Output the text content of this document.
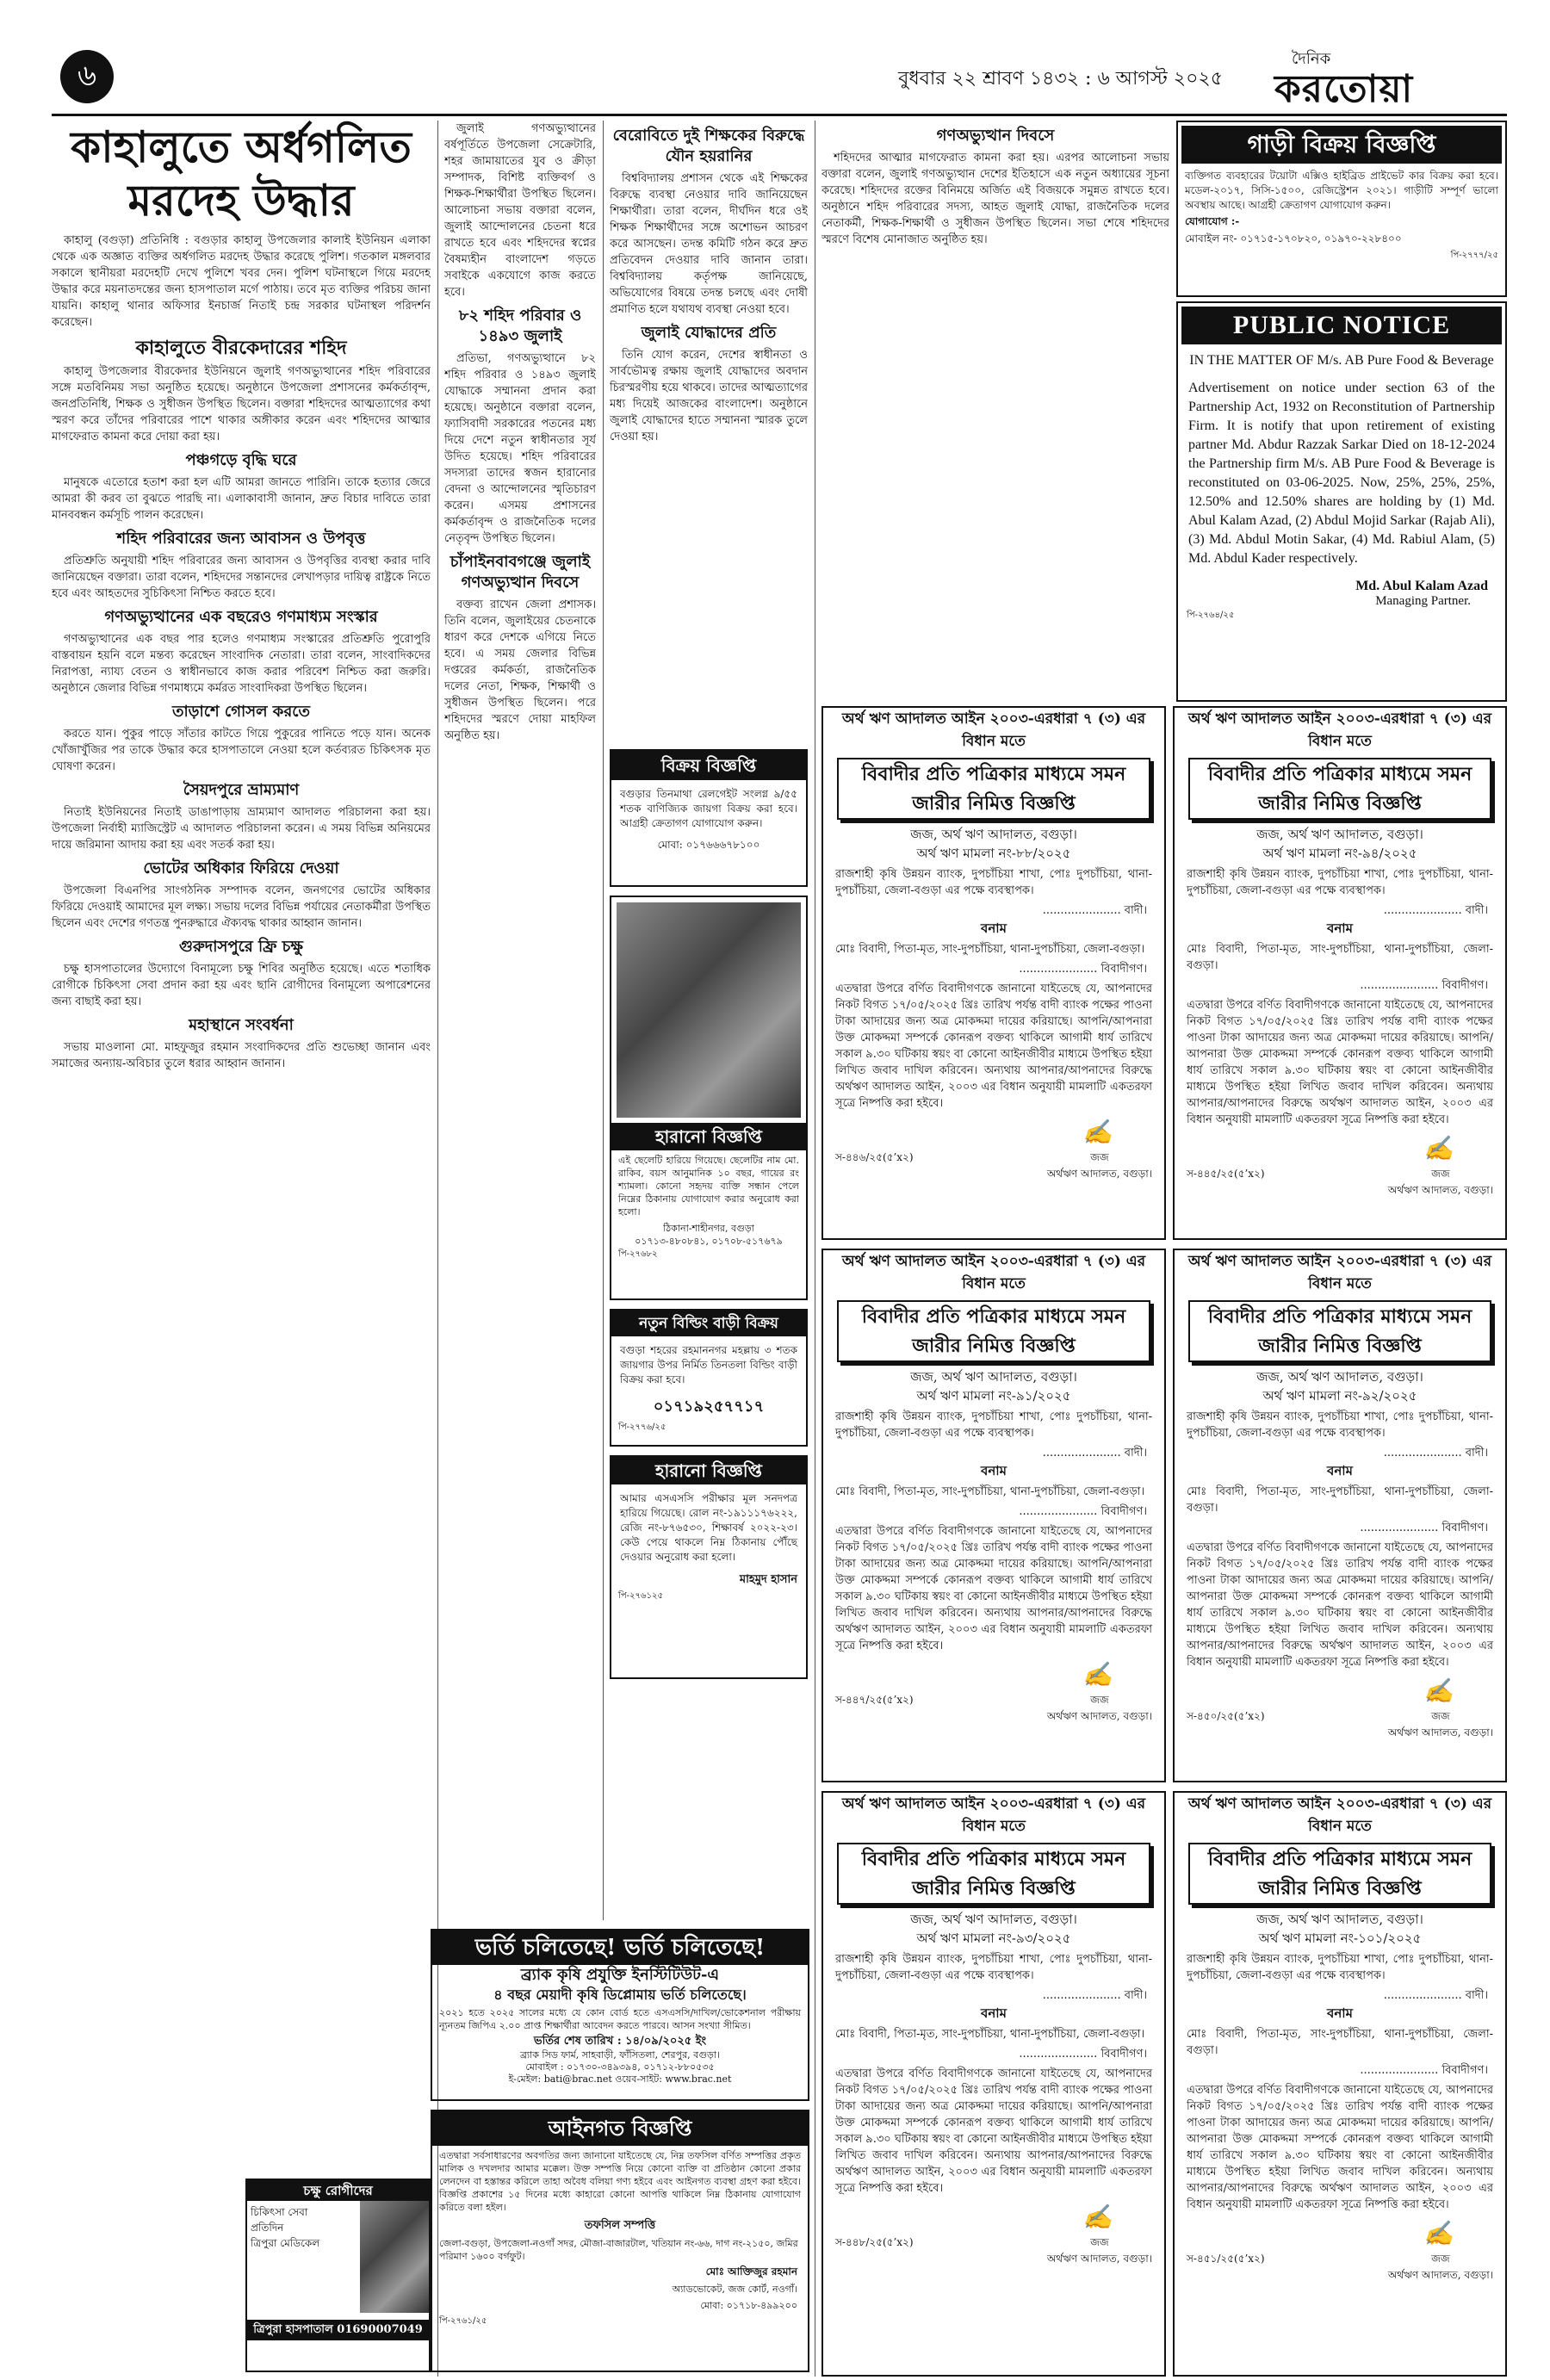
৬	বুধবার ২২ শ্রাবণ ১৪৩২ : ৬ আগস্ট ২০২৫
দৈনিক
করতোয়া
কাহালুতে অর্ধগলিত মরদেহ উদ্ধার

কাহালু (বগুড়া) প্রতিনিধি : বগুড়ার কাহালু উপজেলার কালাই ইউনিয়ন এলাকা থেকে এক অজ্ঞাত ব্যক্তির অর্ধগলিত মরদেহ উদ্ধার করেছে পুলিশ। গতকাল মঙ্গলবার সকালে স্থানীয়রা মরদেহটি দেখে পুলিশে খবর দেন। পুলিশ ঘটনাস্থলে গিয়ে মরদেহ উদ্ধার করে ময়নাতদন্তের জন্য হাসপাতাল মর্গে পাঠায়। তবে মৃত ব্যক্তির পরিচয় জানা যায়নি। কাহালু থানার অফিসার ইনচার্জ নিতাই চন্দ্র সরকার ঘটনাস্থল পরিদর্শন করেছেন।

কাহালুতে বীরকেদারের শহিদ

কাহালু উপজেলার বীরকেদার ইউনিয়নে জুলাই গণঅভ্যুত্থানের শহিদ পরিবারের সঙ্গে মতবিনিময় সভা অনুষ্ঠিত হয়েছে। অনুষ্ঠানে উপজেলা প্রশাসনের কর্মকর্তাবৃন্দ, জনপ্রতিনিধি, শিক্ষক ও সুধীজন উপস্থিত ছিলেন। বক্তারা শহিদদের আত্মত্যাগের কথা স্মরণ করে তাঁদের পরিবারের পাশে থাকার অঙ্গীকার করেন এবং শহিদদের আত্মার মাগফেরাত কামনা করে দোয়া করা হয়।

পঞ্চগড়ে বৃদ্ধি ঘরে

মানুষকে এতোরে হতাশ করা হল এটি আমরা জানতে পারিনি। তাকে হত্যার জেরে আমরা কী করব তা বুঝতে পারছি না। এলাকাবাসী জানান, দ্রুত বিচার দাবিতে তারা মানববন্ধন কর্মসূচি পালন করেছেন।

শহিদ পরিবারের জন্য আবাসন ও উপবৃত্ত

প্রতিশ্রুতি অনুযায়ী শহিদ পরিবারের জন্য আবাসন ও উপবৃত্তির ব্যবস্থা করার দাবি জানিয়েছেন বক্তারা। তারা বলেন, শহিদদের সন্তানদের লেখাপড়ার দায়িত্ব রাষ্ট্রকে নিতে হবে এবং আহতদের সুচিকিৎসা নিশ্চিত করতে হবে।

গণঅভ্যুত্থানের এক বছরেও গণমাধ্যম সংস্কার

গণঅভ্যুত্থানের এক বছর পার হলেও গণমাধ্যম সংস্কারের প্রতিশ্রুতি পুরোপুরি বাস্তবায়ন হয়নি বলে মন্তব্য করেছেন সাংবাদিক নেতারা। তারা বলেন, সাংবাদিকদের নিরাপত্তা, ন্যায্য বেতন ও স্বাধীনভাবে কাজ করার পরিবেশ নিশ্চিত করা জরুরি। অনুষ্ঠানে জেলার বিভিন্ন গণমাধ্যমে কর্মরত সাংবাদিকরা উপস্থিত ছিলেন।

তাড়াশে গোসল করতে

করতে যান। পুকুর পাড়ে সাঁতার কাটতে গিয়ে পুকুরের পানিতে পড়ে যান। অনেক খোঁজাখুঁজির পর তাকে উদ্ধার করে হাসপাতালে নেওয়া হলে কর্তব্যরত চিকিৎসক মৃত ঘোষণা করেন।

সৈয়দপুরে ভ্রাম্যমাণ

নিতাই ইউনিয়নের নিতাই ডাঙাপাড়ায় ভ্রাম্যমাণ আদালত পরিচালনা করা হয়। উপজেলা নির্বাহী ম্যাজিস্ট্রেট এ আদালত পরিচালনা করেন। এ সময় বিভিন্ন অনিয়মের দায়ে জরিমানা আদায় করা হয় এবং সতর্ক করা হয়।

ভোটের অধিকার ফিরিয়ে দেওয়া

উপজেলা বিএনপির সাংগঠনিক সম্পাদক বলেন, জনগণের ভোটের অধিকার ফিরিয়ে দেওয়াই আমাদের মূল লক্ষ্য। সভায় দলের বিভিন্ন পর্যায়ের নেতাকর্মীরা উপস্থিত ছিলেন এবং দেশের গণতন্ত্র পুনরুদ্ধারে ঐক্যবদ্ধ থাকার আহ্বান জানান।

গুরুদাসপুরে ফ্রি চক্ষু

চক্ষু হাসপাতালের উদ্যোগে বিনামূল্যে চক্ষু শিবির অনুষ্ঠিত হয়েছে। এতে শতাধিক রোগীকে চিকিৎসা সেবা প্রদান করা হয় এবং ছানি রোগীদের বিনামূল্যে অপারেশনের জন্য বাছাই করা হয়।

মহাস্থানে সংবর্ধনা

সভায় মাওলানা মো. মাহফুজুর রহমান সংবাদিকদের প্রতি শুভেচ্ছা জানান এবং সমাজের অন্যায়-অবিচার তুলে ধরার আহ্বান জানান।

চক্ষু রোগীদের
চিকিৎসা সেবা
প্রতিদিন
ত্রিপুরা মেডিকেল
ত্রিপুরা হাসপাতাল 01690007049

জুলাই গণঅভ্যুত্থানের বর্ষপূর্তিতে উপজেলা সেক্রেটারি, শহর জামায়াতের যুব ও ক্রীড়া সম্পাদক, বিশিষ্ট ব্যক্তিবর্গ ও শিক্ষক-শিক্ষার্থীরা উপস্থিত ছিলেন। আলোচনা সভায় বক্তারা বলেন, জুলাই আন্দোলনের চেতনা ধরে রাখতে হবে এবং শহিদদের স্বপ্নের বৈষম্যহীন বাংলাদেশ গড়তে সবাইকে একযোগে কাজ করতে হবে।

৮২ শহিদ পরিবার ও ১৪৯৩ জুলাই

প্রতিভা, গণঅভ্যুত্থানে ৮২ শহিদ পরিবার ও ১৪৯৩ জুলাই যোদ্ধাকে সম্মাননা প্রদান করা হয়েছে। অনুষ্ঠানে বক্তারা বলেন, ফ্যাসিবাদী সরকারের পতনের মধ্য দিয়ে দেশে নতুন স্বাধীনতার সূর্য উদিত হয়েছে। শহিদ পরিবারের সদস্যরা তাদের স্বজন হারানোর বেদনা ও আন্দোলনের স্মৃতিচারণ করেন। এসময় প্রশাসনের কর্মকর্তাবৃন্দ ও রাজনৈতিক দলের নেতৃবৃন্দ উপস্থিত ছিলেন।

চাঁপাইনবাবগঞ্জে জুলাই গণঅভ্যুত্থান দিবসে

বক্তব্য রাখেন জেলা প্রশাসক। তিনি বলেন, জুলাইয়ের চেতনাকে ধারণ করে দেশকে এগিয়ে নিতে হবে। এ সময় জেলার বিভিন্ন দপ্তরের কর্মকর্তা, রাজনৈতিক দলের নেতা, শিক্ষক, শিক্ষার্থী ও সুধীজন উপস্থিত ছিলেন। পরে শহিদদের স্মরণে দোয়া মাহফিল অনুষ্ঠিত হয়।

বেরোবিতে দুই শিক্ষকের বিরুদ্ধে যৌন হয়রানির

বিশ্ববিদ্যালয় প্রশাসন থেকে এই শিক্ষকের বিরুদ্ধে ব্যবস্থা নেওয়ার দাবি জানিয়েছেন শিক্ষার্থীরা। তারা বলেন, দীর্ঘদিন ধরে ওই শিক্ষক শিক্ষার্থীদের সঙ্গে অশোভন আচরণ করে আসছেন। তদন্ত কমিটি গঠন করে দ্রুত প্রতিবেদন দেওয়ার দাবি জানান তারা। বিশ্ববিদ্যালয় কর্তৃপক্ষ জানিয়েছে, অভিযোগের বিষয়ে তদন্ত চলছে এবং দোষী প্রমাণিত হলে যথাযথ ব্যবস্থা নেওয়া হবে।

জুলাই যোদ্ধাদের প্রতি

তিনি যোগ করেন, দেশের স্বাধীনতা ও সার্বভৌমত্ব রক্ষায় জুলাই যোদ্ধাদের অবদান চিরস্মরণীয় হয়ে থাকবে। তাদের আত্মত্যাগের মধ্য দিয়েই আজকের বাংলাদেশ। অনুষ্ঠানে জুলাই যোদ্ধাদের হাতে সম্মাননা স্মারক তুলে দেওয়া হয়।

বিক্রয় বিজ্ঞপ্তি
বগুড়ার তিনমাথা রেলগেইট সংলগ্ন ৯/৫৫ শতক বাণিজ্যিক জায়গা বিক্রয় করা হবে। আগ্রহী ক্রেতাগণ যোগাযোগ করুন।
মোবা: ০১৭৬৬৬৭৮১০০
হারানো বিজ্ঞপ্তি
এই ছেলেটি হারিয়ে গিয়েছে। ছেলেটির নাম মো. রাকিব, বয়স আনুমানিক ১০ বছর, গায়ের রং শ্যামলা। কোনো সহৃদয় ব্যক্তি সন্ধান পেলে নিম্নের ঠিকানায় যোগাযোগ করার অনুরোধ করা হলো।
ঠিকানা-শাহীনগর, বগুড়া
০১৭১৩-৪৮০৮৪১, ০১৭০৮-৫১৭৬৭৯
পি-২৭৬৮২
নতুন বিল্ডিং বাড়ী বিক্রয়
বগুড়া শহরের রহমাননগর মহল্লায় ৩ শতক জায়গার উপর নির্মিত তিনতলা বিল্ডিং বাড়ী বিক্রয় করা হবে।
০১৭১৯২৫৭৭১৭
পি-২৭৭৬/২৫
হারানো বিজ্ঞপ্তি
আমার এসএসসি পরীক্ষার মূল সনদপত্র হারিয়ে গিয়েছে। রোল নং-১৯১১১৭৬২২২, রেজি নং-৮৭৬৫৩০, শিক্ষাবর্ষ ২০২২-২৩। কেউ পেয়ে থাকলে নিম্ন ঠিকানায় পৌঁছে দেওয়ার অনুরোধ করা হলো।
মাহমুদ হাসান
পি-২৭৬১২৫
গণঅভ্যুত্থান দিবসে

শহিদদের আত্মার মাগফেরাত কামনা করা হয়। এরপর আলোচনা সভায় বক্তারা বলেন, জুলাই গণঅভ্যুত্থান দেশের ইতিহাসে এক নতুন অধ্যায়ের সূচনা করেছে। শহিদদের রক্তের বিনিময়ে অর্জিত এই বিজয়কে সমুন্নত রাখতে হবে। অনুষ্ঠানে শহিদ পরিবারের সদস্য, আহত জুলাই যোদ্ধা, রাজনৈতিক দলের নেতাকর্মী, শিক্ষক-শিক্ষার্থী ও সুধীজন উপস্থিত ছিলেন। সভা শেষে শহিদদের স্মরণে বিশেষ মোনাজাত অনুষ্ঠিত হয়।

ভর্তি চলিতেছে! ভর্তি চলিতেছে!
ব্র্যাক কৃষি প্রযুক্তি ইনস্টিটিউট-এ
৪ বছর মেয়াদী কৃষি ডিপ্লোমায় ভর্তি চলিতেছে।
২০২১ হতে ২০২৫ সালের মধ্যে যে কোন বোর্ড হতে এসএসসি/দাখিল/ভোকেশনাল পরীক্ষায় ন্যূনতম জিপিএ ২.০০ প্রাপ্ত শিক্ষার্থীরা আবেদন করতে পারবে। আসন সংখ্যা সীমিত।
ভর্তির শেষ তারিখ : ১৪/০৯/২০২৫ ইং
ব্র্যাক সিড ফার্ম, সাহবাড়ী, ফাঁসিতলা, শেরপুর, বগুড়া।
মোবাইল : ০১৭৩০-৩৪৯৩৯৪, ০১৭১২-৮৮০৫৩৫
ই-মেইল: bati@brac.net ওয়েব-সাইট: www.brac.net
আইনগত বিজ্ঞপ্তি
এতদ্বারা সর্বসাধারণের অবগতির জন্য জানানো যাইতেছে যে, নিম্ন তফসিল বর্ণিত সম্পত্তির প্রকৃত মালিক ও দখলদার আমার মক্কেল। উক্ত সম্পত্তি নিয়ে কোনো ব্যক্তি বা প্রতিষ্ঠান কোনো প্রকার লেনদেন বা হস্তান্তর করিলে তাহা অবৈধ বলিয়া গণ্য হইবে এবং আইনগত ব্যবস্থা গ্রহণ করা হইবে। বিজ্ঞপ্তি প্রকাশের ১৫ দিনের মধ্যে কাহারো কোনো আপত্তি থাকিলে নিম্ন ঠিকানায় যোগাযোগ করিতে বলা হইল।
তফসিল সম্পত্তি
জেলা-বগুড়া, উপজেলা-নওগাঁ সদর, মৌজা-বাজারটাল, খতিয়ান নং-৬৬, দাগ নং-২১৫০, জমির পরিমাণ ১৬০০ বর্গফুট।
মোঃ আক্তিজুর রহমান
অ্যাডভোকেট, জজ কোর্ট, নওগাঁ।
মোবা: ০১৭১৮-৪৯৯২০০
পি-২৭৬১/২৫
গাড়ী বিক্রয় বিজ্ঞপ্তি
ব্যক্তিগত ব্যবহারের টয়োটা এক্সিও হাইব্রিড প্রাইভেট কার বিক্রয় করা হবে। মডেল-২০১৭, সিসি-১৫০০, রেজিস্ট্রেশন ২০২১। গাড়ীটি সম্পূর্ণ ভালো অবস্থায় আছে। আগ্রহী ক্রেতাগণ যোগাযোগ করুন।
যোগাযোগ :-
মোবাইল নং- ০১৭১৫-১৭০৮২০, ০১৯৭০-২২৮৪০০
পি-২৭৭৭/২৫
PUBLIC NOTICE
IN THE MATTER OF M/s. AB Pure Food & Beverage
Advertisement on notice under section 63 of the Partnership Act, 1932 on Reconstitution of Partnership Firm. It is notify that upon retirement of existing partner Md. Abdur Razzak Sarkar Died on 18-12-2024 the Partnership firm M/s. AB Pure Food & Beverage is reconstituted on 03-06-2025. Now, 25%, 25%, 25%, 12.50% and 12.50% shares are holding by (1) Md. Abul Kalam Azad, (2) Abdul Mojid Sarkar (Rajab Ali), (3) Md. Abdul Motin Sakar, (4) Md. Rabiul Alam, (5) Md. Abdul Kader respectively.
Md. Abul Kalam Azad
Managing Partner.
পি-২৭৬৪/২৫
অর্থ ঋণ আদালত আইন ২০০৩-এরধারা ৭ (৩) এর বিধান মতে
বিবাদীর প্রতি পত্রিকার মাধ্যমে সমন জারীর নিমিত্ত বিজ্ঞপ্তি
জজ, অর্থ ঋণ আদালত, বগুড়া।
অর্থ ঋণ মামলা নং-৮৮/২০২৫
রাজশাহী কৃষি উন্নয়ন ব্যাংক, দুপচাঁচিয়া শাখা, পোঃ দুপচাঁচিয়া, থানা- দুপচাঁচিয়া, জেলা-বগুড়া এর পক্ষে ব্যবস্থাপক।
...................... বাদী।
বনাম
মোঃ বিবাদী, পিতা-মৃত, সাং-দুপচাঁচিয়া, থানা-দুপচাঁচিয়া, জেলা-বগুড়া।
...................... বিবাদীগণ।
এতদ্বারা উপরে বর্ণিত বিবাদীগণকে জানানো যাইতেছে যে, আপনাদের নিকট বিগত ১৭/০৫/২০২৫ খ্রিঃ তারিখ পর্যন্ত বাদী ব্যাংক পক্ষের পাওনা টাকা আদায়ের জন্য অত্র মোকদ্দমা দায়ের করিয়াছে। আপনি/আপনারা উক্ত মোকদ্দমা সম্পর্কে কোনরূপ বক্তব্য থাকিলে আগামী ধার্য তারিখে সকাল ৯.৩০ ঘটিকায় স্বয়ং বা কোনো আইনজীবীর মাধ্যমে উপস্থিত হইয়া লিখিত জবাব দাখিল করিবেন। অন্যথায় আপনার/আপনাদের বিরুদ্ধে অর্থঋণ আদালত আইন, ২০০৩ এর বিধান অনুযায়ী মামলাটি একতরফা সূত্রে নিষ্পত্তি করা হইবে।
✍
স-৪৪৬/২৫(৫’x২)	জজ
অর্থঋণ আদালত, বগুড়া।
অর্থ ঋণ আদালত আইন ২০০৩-এরধারা ৭ (৩) এর বিধান মতে
বিবাদীর প্রতি পত্রিকার মাধ্যমে সমন জারীর নিমিত্ত বিজ্ঞপ্তি
জজ, অর্থ ঋণ আদালত, বগুড়া।
অর্থ ঋণ মামলা নং-৯৪/২০২৫
রাজশাহী কৃষি উন্নয়ন ব্যাংক, দুপচাঁচিয়া শাখা, পোঃ দুপচাঁচিয়া, থানা- দুপচাঁচিয়া, জেলা-বগুড়া এর পক্ষে ব্যবস্থাপক।
...................... বাদী।
বনাম
মোঃ বিবাদী, পিতা-মৃত, সাং-দুপচাঁচিয়া, থানা-দুপচাঁচিয়া, জেলা-বগুড়া।
...................... বিবাদীগণ।
এতদ্বারা উপরে বর্ণিত বিবাদীগণকে জানানো যাইতেছে যে, আপনাদের নিকট বিগত ১৭/০৫/২০২৫ খ্রিঃ তারিখ পর্যন্ত বাদী ব্যাংক পক্ষের পাওনা টাকা আদায়ের জন্য অত্র মোকদ্দমা দায়ের করিয়াছে। আপনি/আপনারা উক্ত মোকদ্দমা সম্পর্কে কোনরূপ বক্তব্য থাকিলে আগামী ধার্য তারিখে সকাল ৯.৩০ ঘটিকায় স্বয়ং বা কোনো আইনজীবীর মাধ্যমে উপস্থিত হইয়া লিখিত জবাব দাখিল করিবেন। অন্যথায় আপনার/আপনাদের বিরুদ্ধে অর্থঋণ আদালত আইন, ২০০৩ এর বিধান অনুযায়ী মামলাটি একতরফা সূত্রে নিষ্পত্তি করা হইবে।
✍
স-৪৪৫/২৫(৫’x২)	জজ
অর্থঋণ আদালত, বগুড়া।
অর্থ ঋণ আদালত আইন ২০০৩-এরধারা ৭ (৩) এর বিধান মতে
বিবাদীর প্রতি পত্রিকার মাধ্যমে সমন জারীর নিমিত্ত বিজ্ঞপ্তি
জজ, অর্থ ঋণ আদালত, বগুড়া।
অর্থ ঋণ মামলা নং-৯১/২০২৫
রাজশাহী কৃষি উন্নয়ন ব্যাংক, দুপচাঁচিয়া শাখা, পোঃ দুপচাঁচিয়া, থানা- দুপচাঁচিয়া, জেলা-বগুড়া এর পক্ষে ব্যবস্থাপক।
...................... বাদী।
বনাম
মোঃ বিবাদী, পিতা-মৃত, সাং-দুপচাঁচিয়া, থানা-দুপচাঁচিয়া, জেলা-বগুড়া।
...................... বিবাদীগণ।
এতদ্বারা উপরে বর্ণিত বিবাদীগণকে জানানো যাইতেছে যে, আপনাদের নিকট বিগত ১৭/০৫/২০২৫ খ্রিঃ তারিখ পর্যন্ত বাদী ব্যাংক পক্ষের পাওনা টাকা আদায়ের জন্য অত্র মোকদ্দমা দায়ের করিয়াছে। আপনি/আপনারা উক্ত মোকদ্দমা সম্পর্কে কোনরূপ বক্তব্য থাকিলে আগামী ধার্য তারিখে সকাল ৯.৩০ ঘটিকায় স্বয়ং বা কোনো আইনজীবীর মাধ্যমে উপস্থিত হইয়া লিখিত জবাব দাখিল করিবেন। অন্যথায় আপনার/আপনাদের বিরুদ্ধে অর্থঋণ আদালত আইন, ২০০৩ এর বিধান অনুযায়ী মামলাটি একতরফা সূত্রে নিষ্পত্তি করা হইবে।
✍
স-৪৪৭/২৫(৫’x২)	জজ
অর্থঋণ আদালত, বগুড়া।
অর্থ ঋণ আদালত আইন ২০০৩-এরধারা ৭ (৩) এর বিধান মতে
বিবাদীর প্রতি পত্রিকার মাধ্যমে সমন জারীর নিমিত্ত বিজ্ঞপ্তি
জজ, অর্থ ঋণ আদালত, বগুড়া।
অর্থ ঋণ মামলা নং-৯২/২০২৫
রাজশাহী কৃষি উন্নয়ন ব্যাংক, দুপচাঁচিয়া শাখা, পোঃ দুপচাঁচিয়া, থানা- দুপচাঁচিয়া, জেলা-বগুড়া এর পক্ষে ব্যবস্থাপক।
...................... বাদী।
বনাম
মোঃ বিবাদী, পিতা-মৃত, সাং-দুপচাঁচিয়া, থানা-দুপচাঁচিয়া, জেলা-বগুড়া।
...................... বিবাদীগণ।
এতদ্বারা উপরে বর্ণিত বিবাদীগণকে জানানো যাইতেছে যে, আপনাদের নিকট বিগত ১৭/০৫/২০২৫ খ্রিঃ তারিখ পর্যন্ত বাদী ব্যাংক পক্ষের পাওনা টাকা আদায়ের জন্য অত্র মোকদ্দমা দায়ের করিয়াছে। আপনি/আপনারা উক্ত মোকদ্দমা সম্পর্কে কোনরূপ বক্তব্য থাকিলে আগামী ধার্য তারিখে সকাল ৯.৩০ ঘটিকায় স্বয়ং বা কোনো আইনজীবীর মাধ্যমে উপস্থিত হইয়া লিখিত জবাব দাখিল করিবেন। অন্যথায় আপনার/আপনাদের বিরুদ্ধে অর্থঋণ আদালত আইন, ২০০৩ এর বিধান অনুযায়ী মামলাটি একতরফা সূত্রে নিষ্পত্তি করা হইবে।
✍
স-৪৫০/২৫(৫’x২)	জজ
অর্থঋণ আদালত, বগুড়া।
অর্থ ঋণ আদালত আইন ২০০৩-এরধারা ৭ (৩) এর বিধান মতে
বিবাদীর প্রতি পত্রিকার মাধ্যমে সমন জারীর নিমিত্ত বিজ্ঞপ্তি
জজ, অর্থ ঋণ আদালত, বগুড়া।
অর্থ ঋণ মামলা নং-৯৩/২০২৫
রাজশাহী কৃষি উন্নয়ন ব্যাংক, দুপচাঁচিয়া শাখা, পোঃ দুপচাঁচিয়া, থানা- দুপচাঁচিয়া, জেলা-বগুড়া এর পক্ষে ব্যবস্থাপক।
...................... বাদী।
বনাম
মোঃ বিবাদী, পিতা-মৃত, সাং-দুপচাঁচিয়া, থানা-দুপচাঁচিয়া, জেলা-বগুড়া।
...................... বিবাদীগণ।
এতদ্বারা উপরে বর্ণিত বিবাদীগণকে জানানো যাইতেছে যে, আপনাদের নিকট বিগত ১৭/০৫/২০২৫ খ্রিঃ তারিখ পর্যন্ত বাদী ব্যাংক পক্ষের পাওনা টাকা আদায়ের জন্য অত্র মোকদ্দমা দায়ের করিয়াছে। আপনি/আপনারা উক্ত মোকদ্দমা সম্পর্কে কোনরূপ বক্তব্য থাকিলে আগামী ধার্য তারিখে সকাল ৯.৩০ ঘটিকায় স্বয়ং বা কোনো আইনজীবীর মাধ্যমে উপস্থিত হইয়া লিখিত জবাব দাখিল করিবেন। অন্যথায় আপনার/আপনাদের বিরুদ্ধে অর্থঋণ আদালত আইন, ২০০৩ এর বিধান অনুযায়ী মামলাটি একতরফা সূত্রে নিষ্পত্তি করা হইবে।
✍
স-৪৪৮/২৫(৫’x২)	জজ
অর্থঋণ আদালত, বগুড়া।
অর্থ ঋণ আদালত আইন ২০০৩-এরধারা ৭ (৩) এর বিধান মতে
বিবাদীর প্রতি পত্রিকার মাধ্যমে সমন জারীর নিমিত্ত বিজ্ঞপ্তি
জজ, অর্থ ঋণ আদালত, বগুড়া।
অর্থ ঋণ মামলা নং-১০১/২০২৫
রাজশাহী কৃষি উন্নয়ন ব্যাংক, দুপচাঁচিয়া শাখা, পোঃ দুপচাঁচিয়া, থানা- দুপচাঁচিয়া, জেলা-বগুড়া এর পক্ষে ব্যবস্থাপক।
...................... বাদী।
বনাম
মোঃ বিবাদী, পিতা-মৃত, সাং-দুপচাঁচিয়া, থানা-দুপচাঁচিয়া, জেলা-বগুড়া।
...................... বিবাদীগণ।
এতদ্বারা উপরে বর্ণিত বিবাদীগণকে জানানো যাইতেছে যে, আপনাদের নিকট বিগত ১৭/০৫/২০২৫ খ্রিঃ তারিখ পর্যন্ত বাদী ব্যাংক পক্ষের পাওনা টাকা আদায়ের জন্য অত্র মোকদ্দমা দায়ের করিয়াছে। আপনি/আপনারা উক্ত মোকদ্দমা সম্পর্কে কোনরূপ বক্তব্য থাকিলে আগামী ধার্য তারিখে সকাল ৯.৩০ ঘটিকায় স্বয়ং বা কোনো আইনজীবীর মাধ্যমে উপস্থিত হইয়া লিখিত জবাব দাখিল করিবেন। অন্যথায় আপনার/আপনাদের বিরুদ্ধে অর্থঋণ আদালত আইন, ২০০৩ এর বিধান অনুযায়ী মামলাটি একতরফা সূত্রে নিষ্পত্তি করা হইবে।
✍
স-৪৫১/২৫(৫’x২)	জজ
অর্থঋণ আদালত, বগুড়া।
